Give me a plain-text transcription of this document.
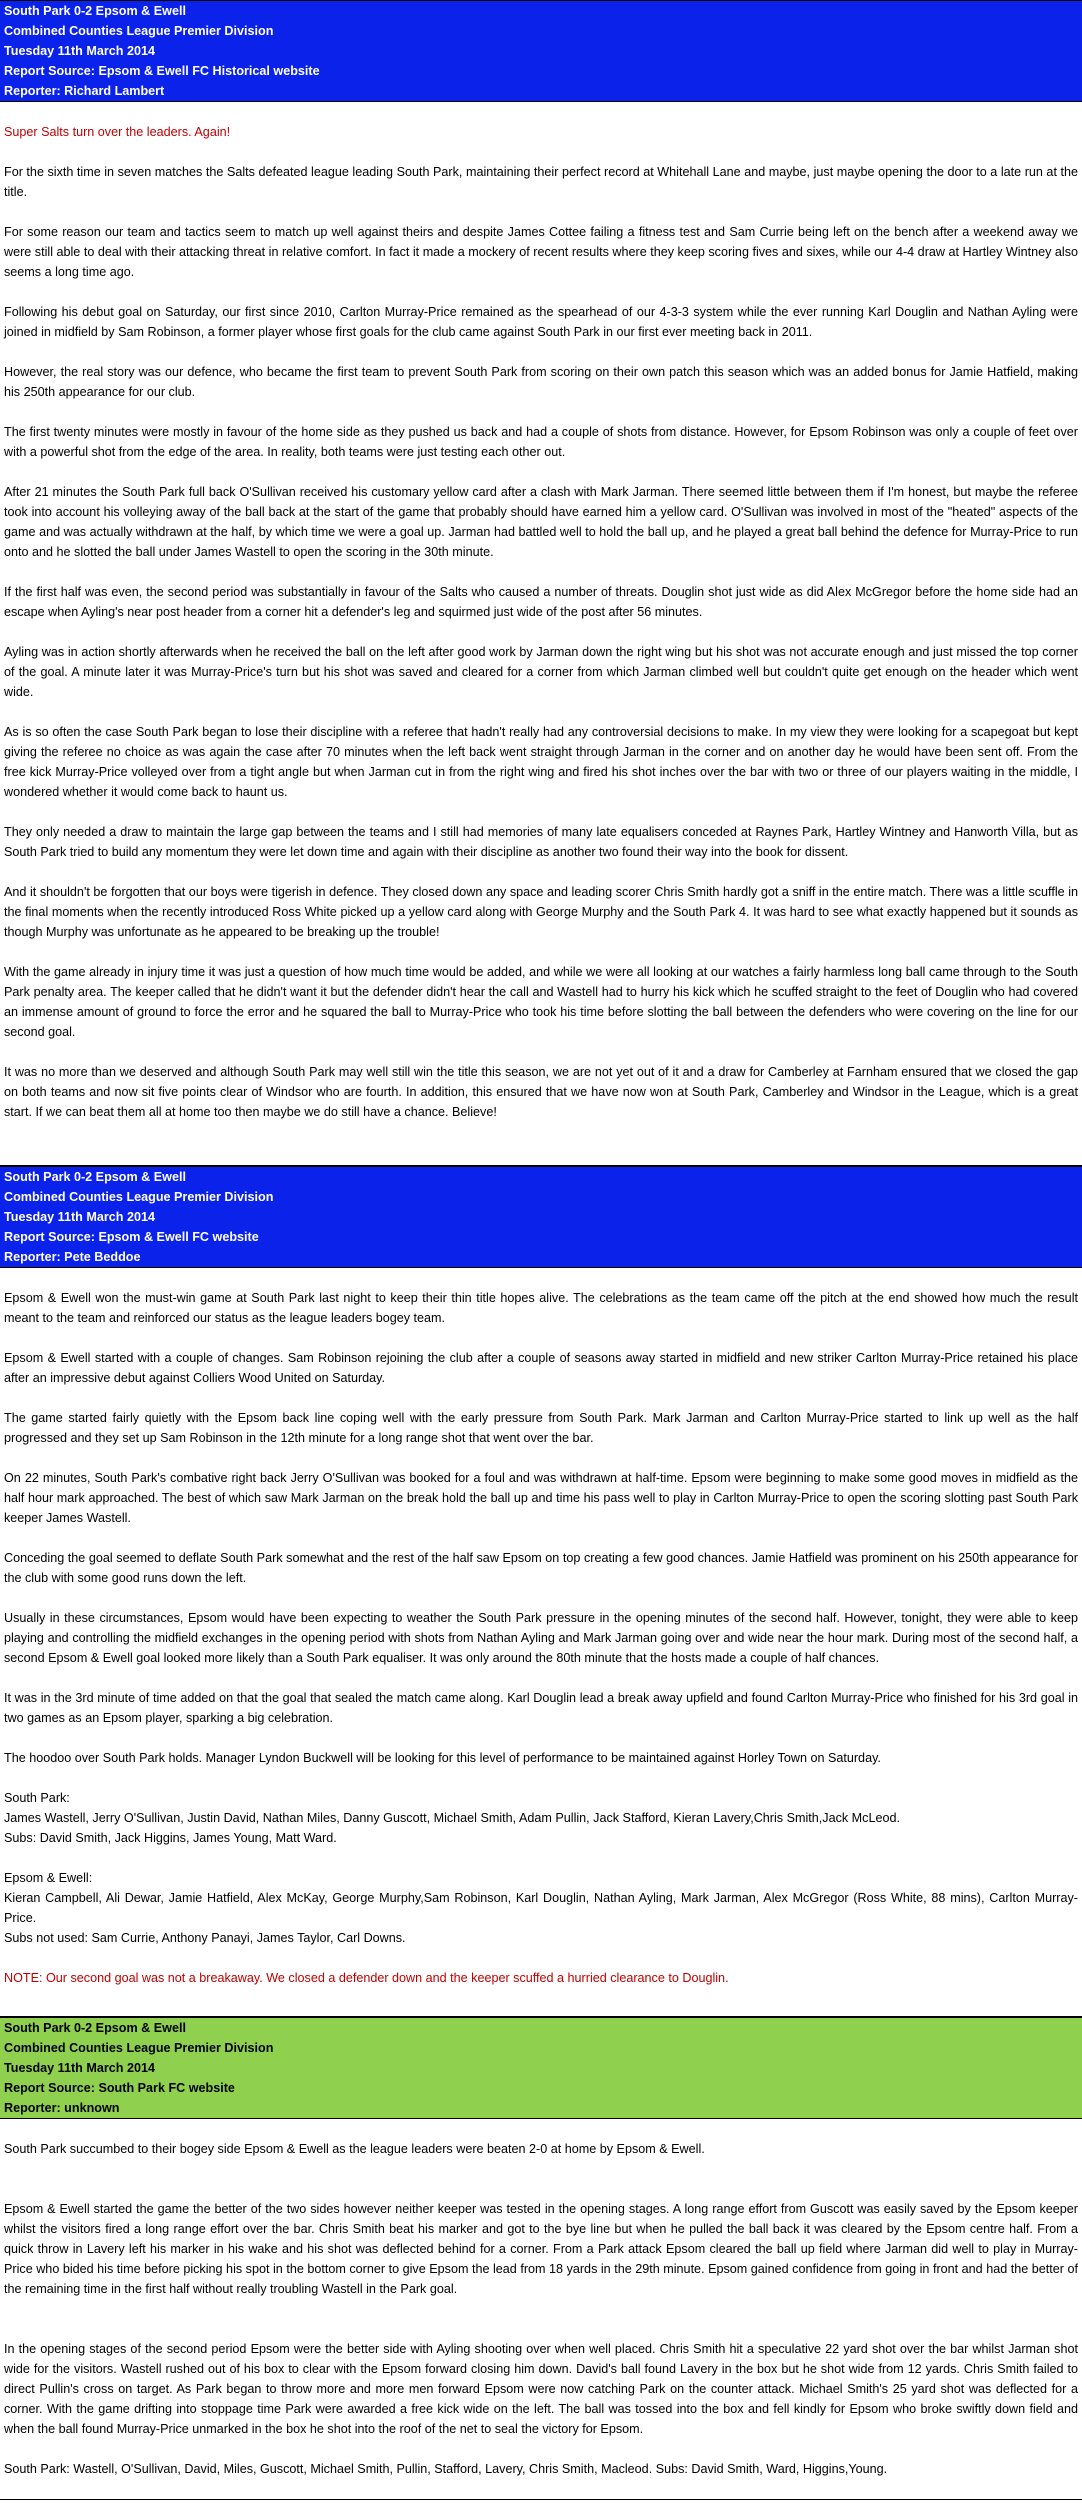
South Park 0-2 Epsom & Ewell
Combined Counties League Premier Division
Tuesday 11th March 2014
Report Source: Epsom & Ewell FC Historical website
Reporter: Richard Lambert

Super Salts turn over the leaders. Again!

For the sixth time in seven matches the Salts defeated league leading South Park, maintaining their perfect record at Whitehall Lane and maybe, just maybe opening the door to a late run at the title.

For some reason our team and tactics seem to match up well against theirs and despite James Cottee failing a fitness test and Sam Currie being left on the bench after a weekend away we were still able to deal with their attacking threat in relative comfort. In fact it made a mockery of recent results where they keep scoring fives and sixes, while our 4-4 draw at Hartley Wintney also seems a long time ago.

Following his debut goal on Saturday, our first since 2010, Carlton Murray-Price remained as the spearhead of our 4-3-3 system while the ever running Karl Douglin and Nathan Ayling were joined in midfield by Sam Robinson, a former player whose first goals for the club came against South Park in our first ever meeting back in 2011.

However, the real story was our defence, who became the first team to prevent South Park from scoring on their own patch this season which was an added bonus for Jamie Hatfield, making his 250th appearance for our club.

The first twenty minutes were mostly in favour of the home side as they pushed us back and had a couple of shots from distance. However, for Epsom Robinson was only a couple of feet over with a powerful shot from the edge of the area. In reality, both teams were just testing each other out.

After 21 minutes the South Park full back O'Sullivan received his customary yellow card after a clash with Mark Jarman. There seemed little between them if I'm honest, but maybe the referee took into account his volleying away of the ball back at the start of the game that probably should have earned him a yellow card. O'Sullivan was involved in most of the "heated" aspects of the game and was actually withdrawn at the half, by which time we were a goal up. Jarman had battled well to hold the ball up, and he played a great ball behind the defence for Murray-Price to run onto and he slotted the ball under James Wastell to open the scoring in the 30th minute.

If the first half was even, the second period was substantially in favour of the Salts who caused a number of threats. Douglin shot just wide as did Alex McGregor before the home side had an escape when Ayling's near post header from a corner hit a defender's leg and squirmed just wide of the post after 56 minutes.

Ayling was in action shortly afterwards when he received the ball on the left after good work by Jarman down the right wing but his shot was not accurate enough and just missed the top corner of the goal. A minute later it was Murray-Price's turn but his shot was saved and cleared for a corner from which Jarman climbed well but couldn't quite get enough on the header which went wide.

As is so often the case South Park began to lose their discipline with a referee that hadn't really had any controversial decisions to make. In my view they were looking for a scapegoat but kept giving the referee no choice as was again the case after 70 minutes when the left back went straight through Jarman in the corner and on another day he would have been sent off. From the free kick Murray-Price volleyed over from a tight angle but when Jarman cut in from the right wing and fired his shot inches over the bar with two or three of our players waiting in the middle, I wondered whether it would come back to haunt us.

They only needed a draw to maintain the large gap between the teams and I still had memories of many late equalisers conceded at Raynes Park, Hartley Wintney and Hanworth Villa, but as South Park tried to build any momentum they were let down time and again with their discipline as another two found their way into the book for dissent.

And it shouldn't be forgotten that our boys were tigerish in defence. They closed down any space and leading scorer Chris Smith hardly got a sniff in the entire match. There was a little scuffle in the final moments when the recently introduced Ross White picked up a yellow card along with George Murphy and the South Park 4. It was hard to see what exactly happened but it sounds as though Murphy was unfortunate as he appeared to be breaking up the trouble!

With the game already in injury time it was just a question of how much time would be added, and while we were all looking at our watches a fairly harmless long ball came through to the South Park penalty area. The keeper called that he didn't want it but the defender didn't hear the call and Wastell had to hurry his kick which he scuffed straight to the feet of Douglin who had covered an immense amount of ground to force the error and he squared the ball to Murray-Price who took his time before slotting the ball between the defenders who were covering on the line for our second goal.

It was no more than we deserved and although South Park may well still win the title this season, we are not yet out of it and a draw for Camberley at Farnham ensured that we closed the gap on both teams and now sit five points clear of Windsor who are fourth. In addition, this ensured that we have now won at South Park, Camberley and Windsor in the League, which is a great start. If we can beat them all at home too then maybe we do still have a chance. Believe!

South Park 0-2 Epsom & Ewell
Combined Counties League Premier Division
Tuesday 11th March 2014
Report Source: Epsom & Ewell FC website
Reporter: Pete Beddoe

Epsom & Ewell won the must-win game at South Park last night to keep their thin title hopes alive. The celebrations as the team came off the pitch at the end showed how much the result meant to the team and reinforced our status as the league leaders bogey team.

Epsom & Ewell started with a couple of changes. Sam Robinson rejoining the club after a couple of seasons away started in midfield and new striker Carlton Murray-Price retained his place after an impressive debut against Colliers Wood United on Saturday.

The game started fairly quietly with the Epsom back line coping well with the early pressure from South Park. Mark Jarman and Carlton Murray-Price started to link up well as the half progressed and they set up Sam Robinson in the 12th minute for a long range shot that went over the bar.

On 22 minutes, South Park's combative right back Jerry O'Sullivan was booked for a foul and was withdrawn at half-time. Epsom were beginning to make some good moves in midfield as the half hour mark approached. The best of which saw Mark Jarman on the break hold the ball up and time his pass well to play in Carlton Murray-Price to open the scoring slotting past South Park keeper James Wastell.

Conceding the goal seemed to deflate South Park somewhat and the rest of the half saw Epsom on top creating a few good chances. Jamie Hatfield was prominent on his 250th appearance for the club with some good runs down the left.

Usually in these circumstances, Epsom would have been expecting to weather the South Park pressure in the opening minutes of the second half. However, tonight, they were able to keep playing and controlling the midfield exchanges in the opening period with shots from Nathan Ayling and Mark Jarman going over and wide near the hour mark. During most of the second half, a second Epsom & Ewell goal looked more likely than a South Park equaliser. It was only around the 80th minute that the hosts made a couple of half chances.

It was in the 3rd minute of time added on that the goal that sealed the match came along. Karl Douglin lead a break away upfield and found Carlton Murray-Price who finished for his 3rd goal in two games as an Epsom player, sparking a big celebration.

The hoodoo over South Park holds. Manager Lyndon Buckwell will be looking for this level of performance to be maintained against Horley Town on Saturday.

South Park:

James Wastell, Jerry O'Sullivan, Justin David, Nathan Miles, Danny Guscott, Michael Smith, Adam Pullin, Jack Stafford, Kieran Lavery,Chris Smith,Jack McLeod.

Subs: David Smith, Jack Higgins, James Young, Matt Ward.

Epsom & Ewell:

Kieran Campbell, Ali Dewar, Jamie Hatfield, Alex McKay, George Murphy,Sam Robinson, Karl Douglin, Nathan Ayling, Mark Jarman, Alex McGregor (Ross White, 88 mins), Carlton Murray-Price.

Subs not used: Sam Currie, Anthony Panayi, James Taylor, Carl Downs.

NOTE: Our second goal was not a breakaway. We closed a defender down and the keeper scuffed a hurried clearance to Douglin.

South Park 0-2 Epsom & Ewell
Combined Counties League Premier Division
Tuesday 11th March 2014
Report Source: South Park FC website
Reporter: unknown

South Park succumbed to their bogey side Epsom & Ewell as the league leaders were beaten 2-0 at home by Epsom & Ewell.

Epsom & Ewell started the game the better of the two sides however neither keeper was tested in the opening stages. A long range effort from Guscott was easily saved by the Epsom keeper whilst the visitors fired a long range effort over the bar. Chris Smith beat his marker and got to the bye line but when he pulled the ball back it was cleared by the Epsom centre half. From a quick throw in Lavery left his marker in his wake and his shot was deflected behind for a corner. From a Park attack Epsom cleared the ball up field where Jarman did well to play in Murray-Price who bided his time before picking his spot in the bottom corner to give Epsom the lead from 18 yards in the 29th minute. Epsom gained confidence from going in front and had the better of the remaining time in the first half without really troubling Wastell in the Park goal.

In the opening stages of the second period Epsom were the better side with Ayling shooting over when well placed. Chris Smith hit a speculative 22 yard shot over the bar whilst Jarman shot wide for the visitors. Wastell rushed out of his box to clear with the Epsom forward closing him down. David's ball found Lavery in the box but he shot wide from 12 yards. Chris Smith failed to direct Pullin's cross on target. As Park began to throw more and more men forward Epsom were now catching Park on the counter attack. Michael Smith's 25 yard shot was deflected for a corner. With the game drifting into stoppage time Park were awarded a free kick wide on the left. The ball was tossed into the box and fell kindly for Epsom who broke swiftly down field and when the ball found Murray-Price unmarked in the box he shot into the roof of the net to seal the victory for Epsom.

South Park: Wastell, O'Sullivan, David, Miles, Guscott, Michael Smith, Pullin, Stafford, Lavery, Chris Smith, Macleod. Subs: David Smith, Ward, Higgins,Young.
